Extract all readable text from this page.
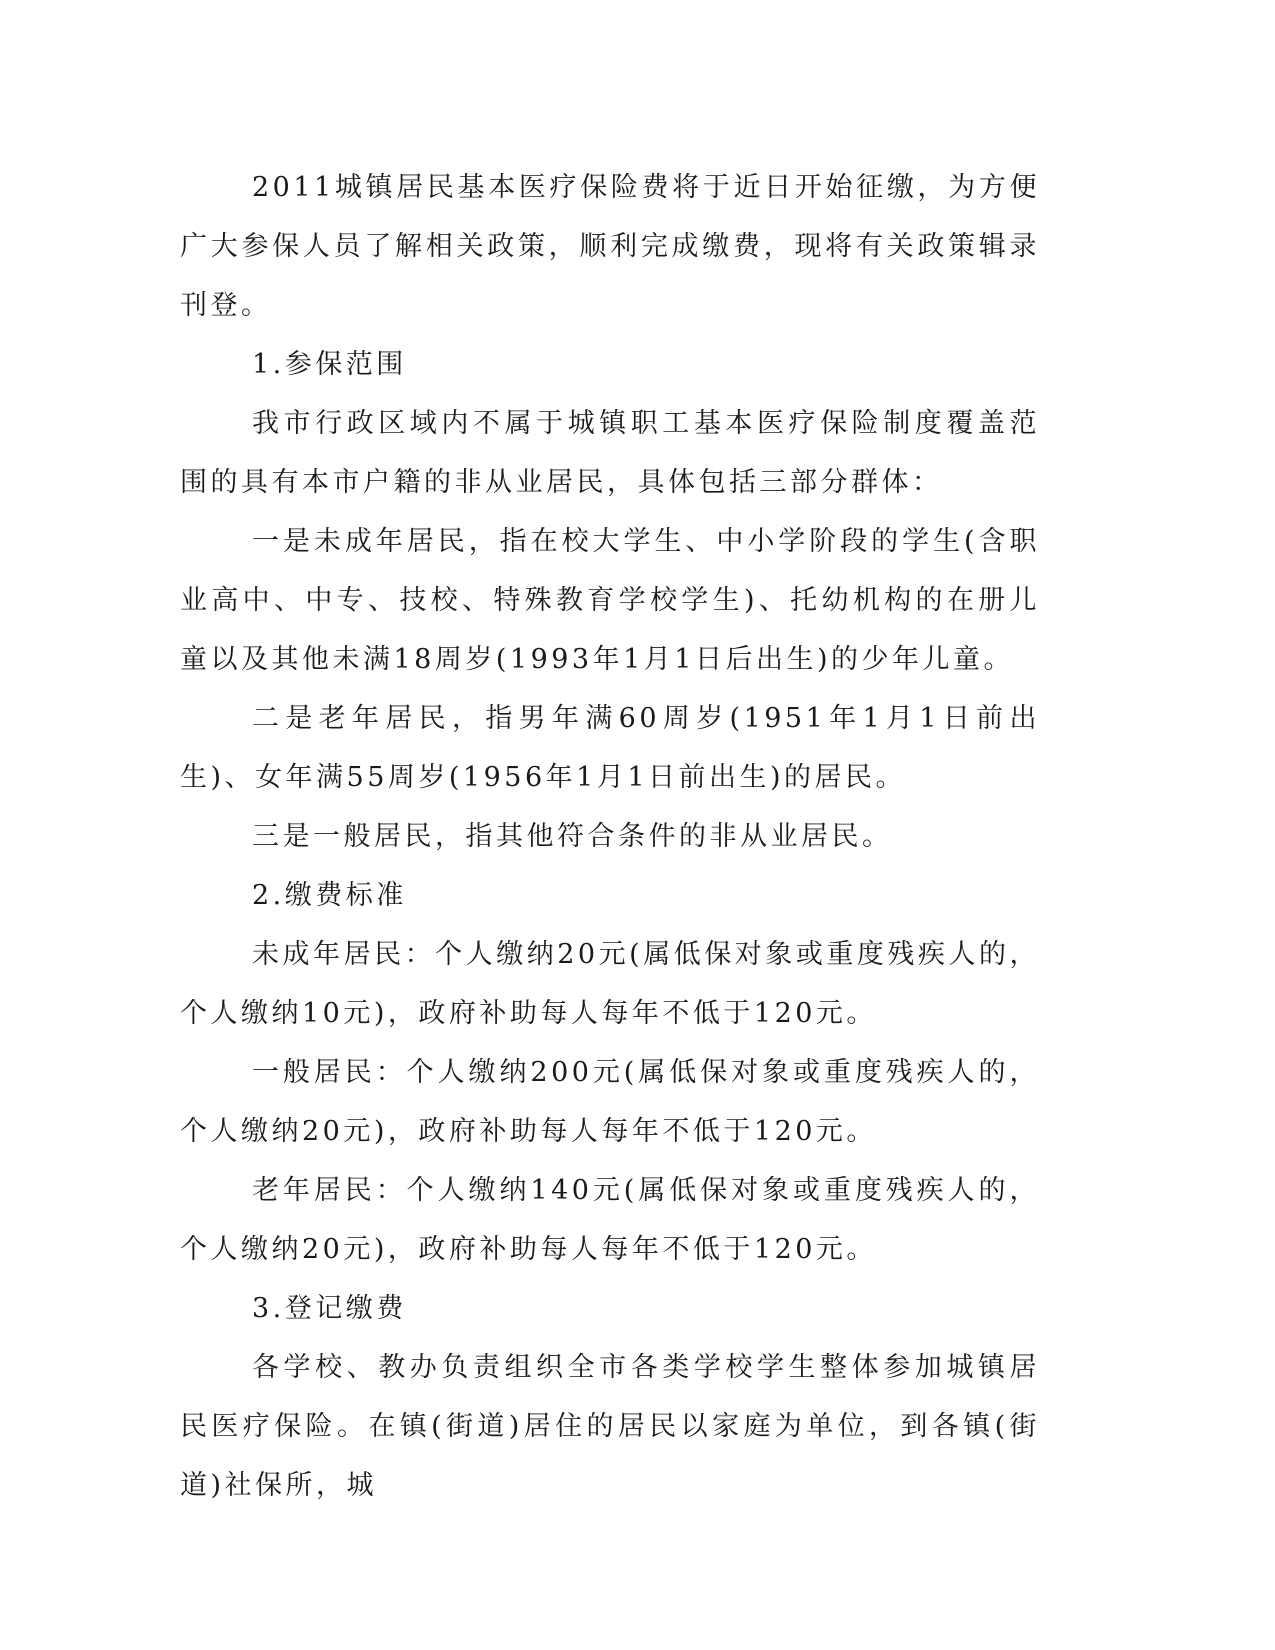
2011城镇居民基本医疗保险费将于近日开始征缴，为方便广大参保人员了解相关政策，顺利完成缴费，现将有关政策辑录刊登。

1.参保范围

我市行政区域内不属于城镇职工基本医疗保险制度覆盖范围的具有本市户籍的非从业居民，具体包括三部分群体：

一是未成年居民，指在校大学生、中小学阶段的学生(含职业高中、中专、技校、特殊教育学校学生)、托幼机构的在册儿童以及其他未满18周岁(1993年1月1日后出生)的少年儿童。

二是老年居民，指男年满60周岁(1951年1月1日前出生)、女年满55周岁(1956年1月1日前出生)的居民。

三是一般居民，指其他符合条件的非从业居民。

2.缴费标准

未成年居民：个人缴纳20元(属低保对象或重度残疾人的，个人缴纳10元)，政府补助每人每年不低于120元。

一般居民：个人缴纳200元(属低保对象或重度残疾人的，个人缴纳20元)，政府补助每人每年不低于120元。

老年居民：个人缴纳140元(属低保对象或重度残疾人的，个人缴纳20元)，政府补助每人每年不低于120元。

3.登记缴费

各学校、教办负责组织全市各类学校学生整体参加城镇居民医疗保险。在镇(街道)居住的居民以家庭为单位，到各镇(街道)社保所，城
